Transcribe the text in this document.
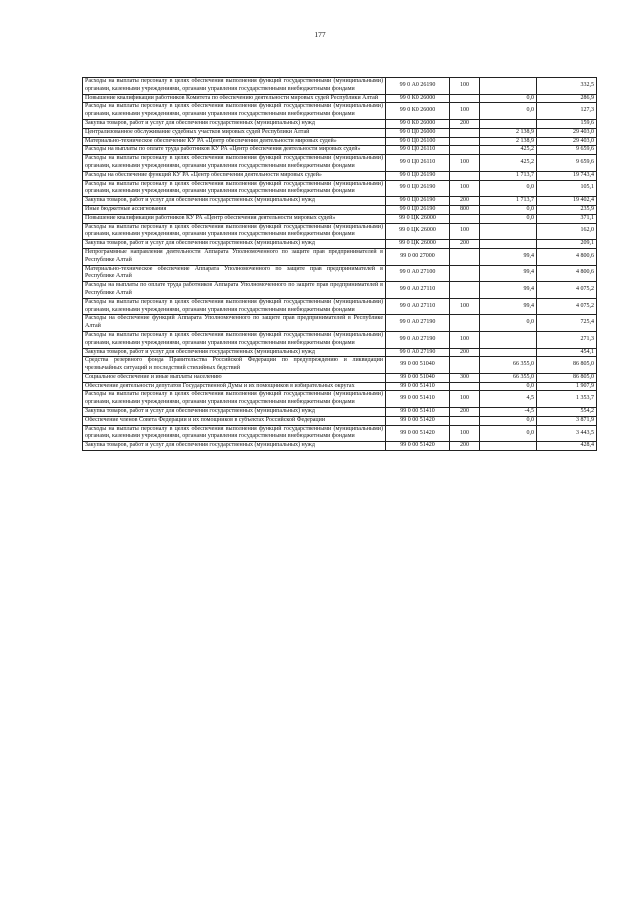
177
Расходы на выплаты персоналу в целях обеспечения выполнения функций государственными (муниципальными) органами, казенными учреждениями, органами управления государственными внебюджетными фондами	99 0 А0 26190	100		332,5
Повышение квалификации работников Комитета по обеспечению деятельности мировых судей Республики Алтай	99 0 К0 26000		0,0	286,9
Расходы на выплаты персоналу в целях обеспечения выполнения функций государственными (муниципальными) органами, казенными учреждениями, органами управления государственными внебюджетными фондами	99 0 К0 26000	100	0,0	127,3
Закупка товаров, работ и услуг для обеспечения государственных (муниципальных) нужд	99 0 К0 26000	200		159,6
Централизованное обслуживание судебных участков мировых судей Республики Алтай	99 0 Ц0 26000		2 138,9	29 403,0
Материально-техническое обеспечение КУ РА «Центр обеспечения деятельности мировых судей»	99 0 Ц0 26100		2 138,9	29 403,0
Расходы на выплаты по оплате труда работников КУ РА «Центр обеспечения деятельности мировых судей»	99 0 Ц0 26110		425,2	9 659,6
Расходы на выплаты персоналу в целях обеспечения выполнения функций государственными (муниципальными) органами, казенными учреждениями, органами управления государственными внебюджетными фондами	99 0 Ц0 26110	100	425,2	9 659,6
Расходы на обеспечение функций КУ РА «Центр обеспечения деятельности мировых судей»	99 0 Ц0 26190		1 713,7	19 743,4
Расходы на выплаты персоналу в целях обеспечения выполнения функций государственными (муниципальными) органами, казенными учреждениями, органами управления государственными внебюджетными фондами	99 0 Ц0 26190	100	0,0	105,1
Закупка товаров, работ и услуг для обеспечения государственных (муниципальных) нужд	99 0 Ц0 26190	200	1 713,7	19 402,4
Иные бюджетные ассигнования	99 0 Ц0 26190	800	0,0	235,9
Повышение квалификации работников КУ РА «Центр обеспечения деятельности мировых судей»	99 0 ЦК 26000		0,0	371,1
Расходы на выплаты персоналу в целях обеспечения выполнения функций государственными (муниципальными) органами, казенными учреждениями, органами управления государственными внебюджетными фондами	99 0 ЦК 26000	100		162,0
Закупка товаров, работ и услуг для обеспечения государственных (муниципальных) нужд	99 0 ЦК 26000	200		209,1
Непрограммные направления деятельности Аппарата Уполномоченного по защите прав предпринимателей в Республике Алтай	99 0 00 27000		99,4	4 800,6
Материально-техническое обеспечение Аппарата Уполномоченного по защите прав предпринимателей в Республике Алтай	99 0 А0 27100		99,4	4 800,6
Расходы на выплаты по оплате труда работников Аппарата Уполномоченного по защите прав предпринимателей в Республике Алтай	99 0 А0 27110		99,4	4 075,2
Расходы на выплаты персоналу в целях обеспечения выполнения функций государственными (муниципальными) органами, казенными учреждениями, органами управления государственными внебюджетными фондами	99 0 А0 27110	100	99,4	4 075,2
Расходы на обеспечение функций Аппарата Уполномоченного по защите прав предпринимателей в Республике Алтай	99 0 А0 27190		0,0	725,4
Расходы на выплаты персоналу в целях обеспечения выполнения функций государственными (муниципальными) органами, казенными учреждениями, органами управления государственными внебюджетными фондами	99 0 А0 27190	100		271,3
Закупка товаров, работ и услуг для обеспечения государственных (муниципальных) нужд	99 0 А0 27190	200		454,1
Средства резервного фонда Правительства Российской Федерации по предупреждению и ликвидации чрезвычайных ситуаций и последствий стихийных бедствий	99 0 00 51040		66 355,0	86 805,0
Социальное обеспечение и иные выплаты населению	99 0 00 51040	300	66 355,0	86 805,0
Обеспечение деятельности депутатов Государственной Думы и их помощников в избирательных округах	99 0 00 51410		0,0	1 907,9
Расходы на выплаты персоналу в целях обеспечения выполнения функций государственными (муниципальными) органами, казенными учреждениями, органами управления государственными внебюджетными фондами	99 0 00 51410	100	4,5	1 353,7
Закупка товаров, работ и услуг для обеспечения государственных (муниципальных) нужд	99 0 00 51410	200	-4,5	554,2
Обеспечение членов Совета Федерации и их помощников в субъектах Российской Федерации	99 0 00 51420		0,0	3 871,9
Расходы на выплаты персоналу в целях обеспечения выполнения функций государственными (муниципальными) органами, казенными учреждениями, органами управления государственными внебюджетными фондами	99 0 00 51420	100	0,0	3 443,5
Закупка товаров, работ и услуг для обеспечения государственных (муниципальных) нужд	99 0 00 51420	200		428,4
